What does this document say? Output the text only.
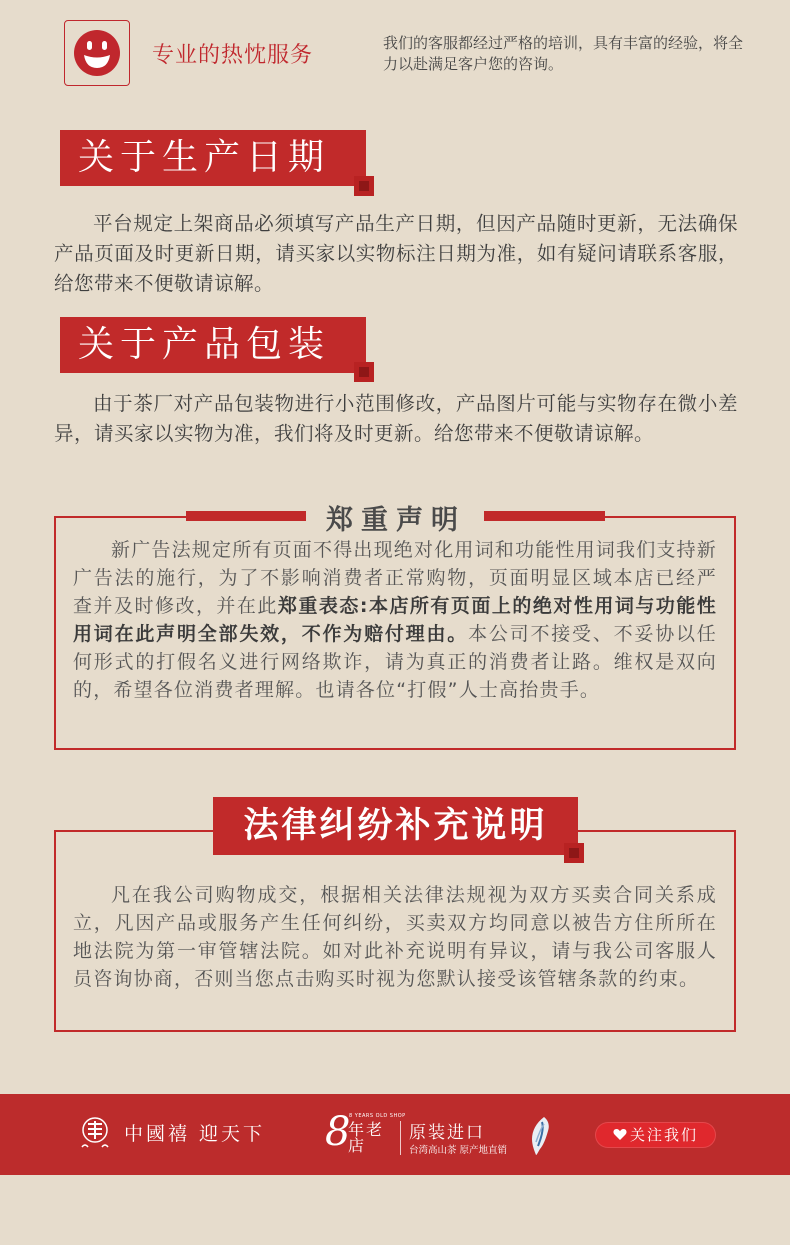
专业的热忱服务	我们的客服都经过严格的培训，具有丰富的经验，将全力以赴满足客户您的咨询。
关于生产日期
平台规定上架商品必须填写产品生产日期，但因产品随时更新，无法确保产品页面及时更新日期，请买家以实物标注日期为准，如有疑问请联系客服，给您带来不便敬请谅解。
关于产品包装
由于茶厂对产品包装物进行小范围修改，产品图片可能与实物存在微小差异，请买家以实物为准，我们将及时更新。给您带来不便敬请谅解。
郑重声明
新广告法规定所有页面不得出现绝对化用词和功能性用词我们支持新广告法的施行，为了不影响消费者正常购物，页面明显区域本店已经严查并及时修改，并在此郑重表态:本店所有页面上的绝对性用词与功能性用词在此声明全部失效，不作为赔付理由。本公司不接受、不妥协以任何形式的打假名义进行网络欺诈，请为真正的消费者让路。维权是双向的，希望各位消费者理解。也请各位“打假”人士高抬贵手。
法律纠纷补充说明
凡在我公司购物成交，根据相关法律法规视为双方买卖合同关系成立，凡因产品或服务产生任何纠纷，买卖双方均同意以被告方住所所在地法院为第一审管辖法院。如对此补充说明有异议，请与我公司客服人员咨询协商，否则当您点击购买时视为您默认接受该管辖条款的约束。
中國禧 迎天下 8
8 YEARS OLD SHOP
年老店
原装进口
台湾高山茶 原产地直销
关注我们
